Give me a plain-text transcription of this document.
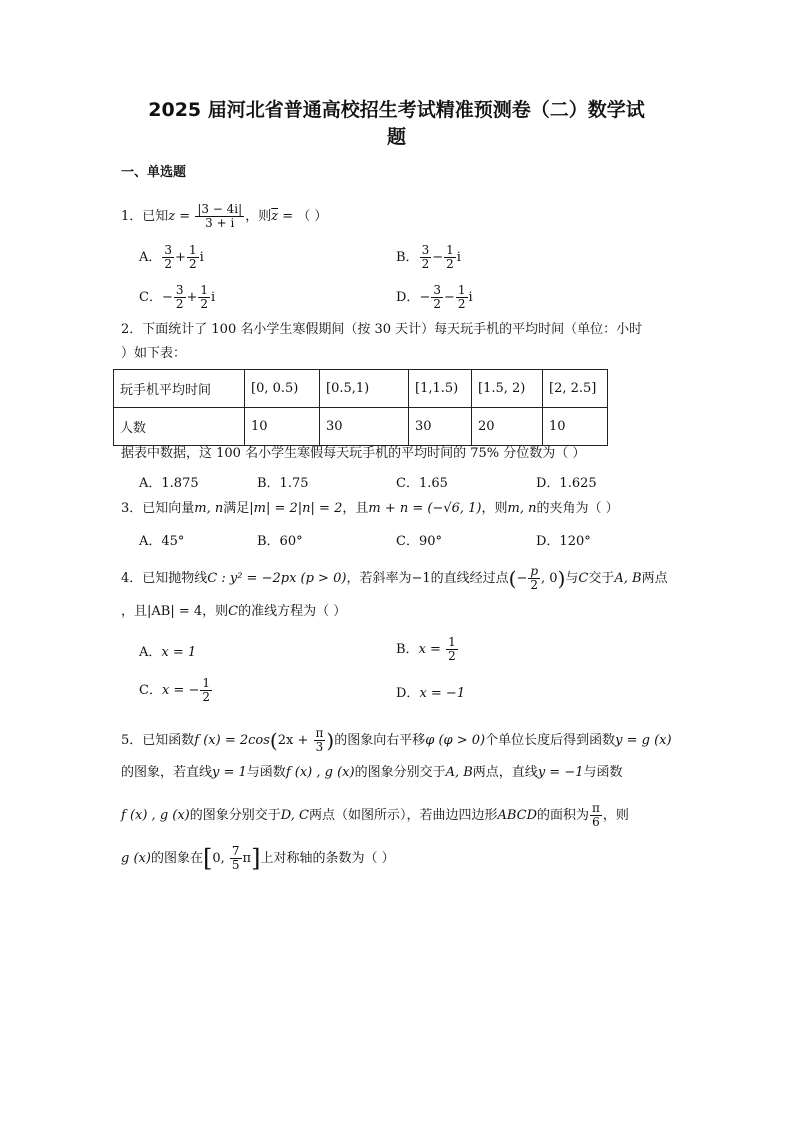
2025 届河北省普通高校招生考试精准预测卷（二）数学试
题
一、单选题
1．已知$z = \frac{|3 - 4i|}{3 + i}$ ，则$\overline{z}$ = （ ）
A． $\frac{3}{2} + \frac{1}{2}$ i	B． $\frac{3}{2} - \frac{1}{2}$ i
C．− $\frac{3}{2} + \frac{1}{2}$ i	D．− $\frac{3}{2} - \frac{1}{2}$ i
2．下面统计了 100 名小学生寒假期间（按 30 天计）每天玩手机的平均时间（单位：小时
）如下表：
玩手机平均时间	[0, 0.5)	[0.5,1)	[1,1.5)	[1.5, 2)	[2, 2.5]
人数	10	30	30	20	10
据表中数据，这 100 名小学生寒假每天玩手机的平均时间的 75% 分位数为（ ）
A．1.875	B．1.75	C．1.65	D．1.625
3．已知向量m, n满足|m| = 2|n| = 2，且m + n = (−√6, 1)，则m, n的夹角为（ ）
A．45°	B．60°	C．90°	D．120°
4．已知抛物线C : y² = −2px (p > 0)，若斜率为−1的直线经过点(− $\frac{p}{2}$ , 0)与C交于A, B两点
，且|AB| = 4，则C的准线方程为（ ）
A．x = 1	B．$x = \frac{1}{2}$
C．x = − $\frac{1}{2}$	D．x = −1
5．已知函数f $(x) = 2\cos(2x + \frac{\pi}{3}$ )的图象向右平移φ (φ > 0)个单位长度后得到函数y = g (x)
的图象，若直线y = 1与函数f (x) , g (x)的图象分别交于A, B两点，直线y = −1与函数
f (x) , g (x)的图象分别交于D, C两点（如图所示），若曲边四边形ABCD的面积为 $\frac{\pi}{6}$ ，则
g (x)的图象在[0, $\frac{7}{5} \pi$]上对称轴的条数为（ ）
